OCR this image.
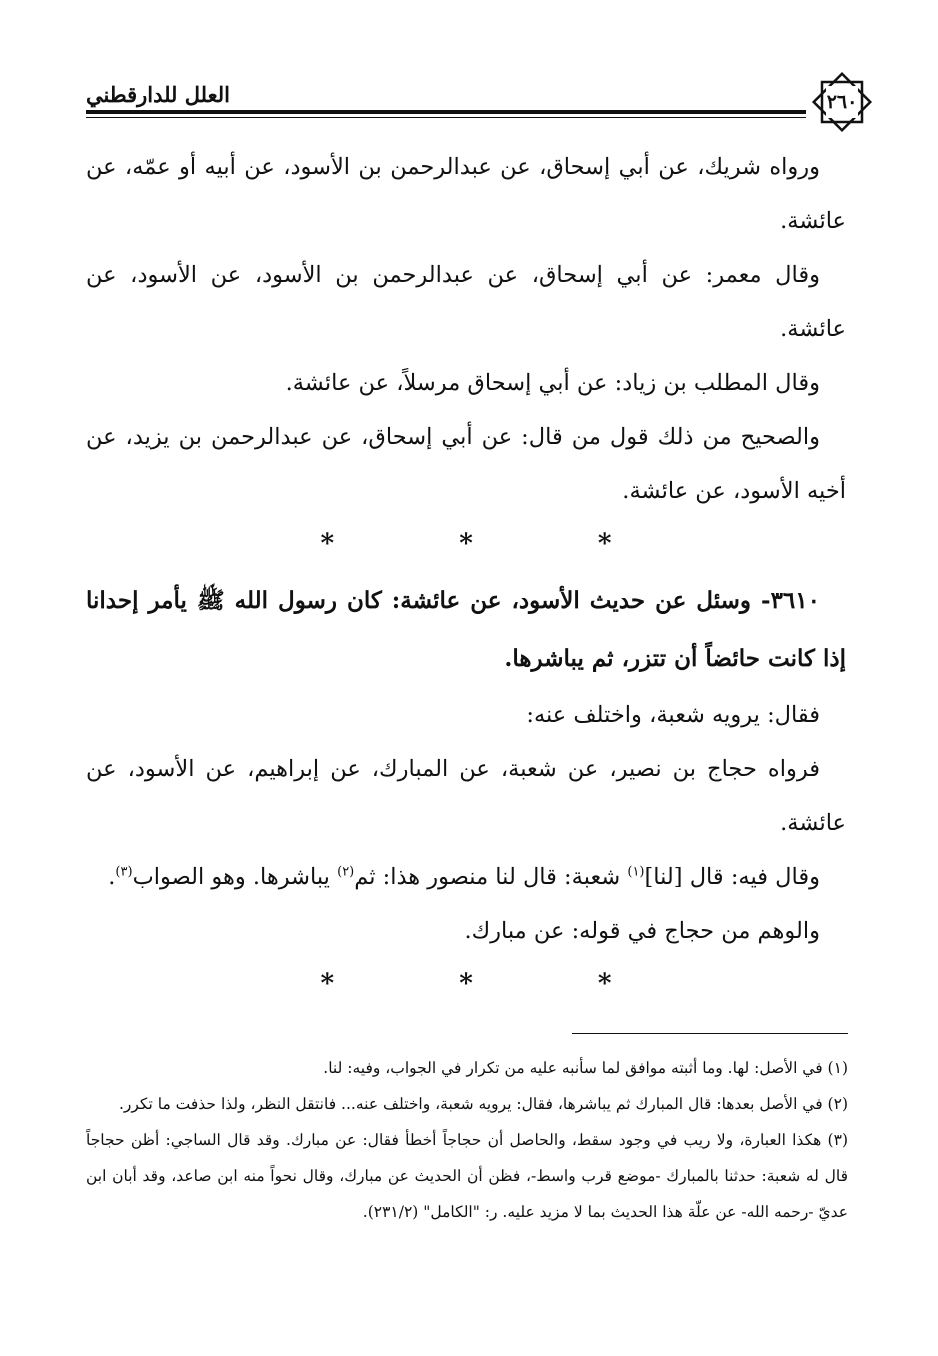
٢٦٠
العلل للدارقطني

ورواه شريك، عن أبي إسحاق، عن عبدالرحمن بن الأسود، عن أبيه أو عمّه، عن عائشة.

وقال معمر: عن أبي إسحاق، عن عبدالرحمن بن الأسود، عن الأسود، عن عائشة.

وقال المطلب بن زياد: عن أبي إسحاق مرسلاً، عن عائشة.

والصحيح من ذلك قول من قال: عن أبي إسحاق، عن عبدالرحمن بن يزيد، عن أخيه الأسود، عن عائشة.

* * *

٣٦١٠- وسئل عن حديث الأسود، عن عائشة: كان رسول الله ﷺ يأمر إحدانا إذا كانت حائضاً أن تتزر، ثم يباشرها.

فقال: يرويه شعبة، واختلف عنه:

فرواه حجاج بن نصير، عن شعبة، عن المبارك، عن إبراهيم، عن الأسود، عن عائشة.

وقال فيه: قال [لنا]$^{(١)}$ شعبة: قال لنا منصور هذا: ثم$^{(٢)}$ يباشرها. وهو الصواب$^{(٣)}$.

والوهم من حجاج في قوله: عن مبارك.

* * *

(١) في الأصل: لها. وما أثبته موافق لما سأنبه عليه من تكرار في الجواب، وفيه: لنا.

(٢) في الأصل بعدها: قال المبارك ثم يباشرها، فقال: يرويه شعبة، واختلف عنه... فانتقل النظر، ولذا حذفت ما تكرر.

(٣) هكذا العبارة، ولا ريب في وجود سقط، والحاصل أن حجاجاً أخطأ فقال: عن مبارك. وقد قال الساجي: أظن حجاجاً قال له شعبة: حدثنا بالمبارك -موضع قرب واسط-، فظن أن الحديث عن مبارك، وقال نحواً منه ابن صاعد، وقد أبان ابن عديّ -رحمه الله- عن علّة هذا الحديث بما لا مزيد عليه. ر: "الكامل" (٢٣١/٢).
